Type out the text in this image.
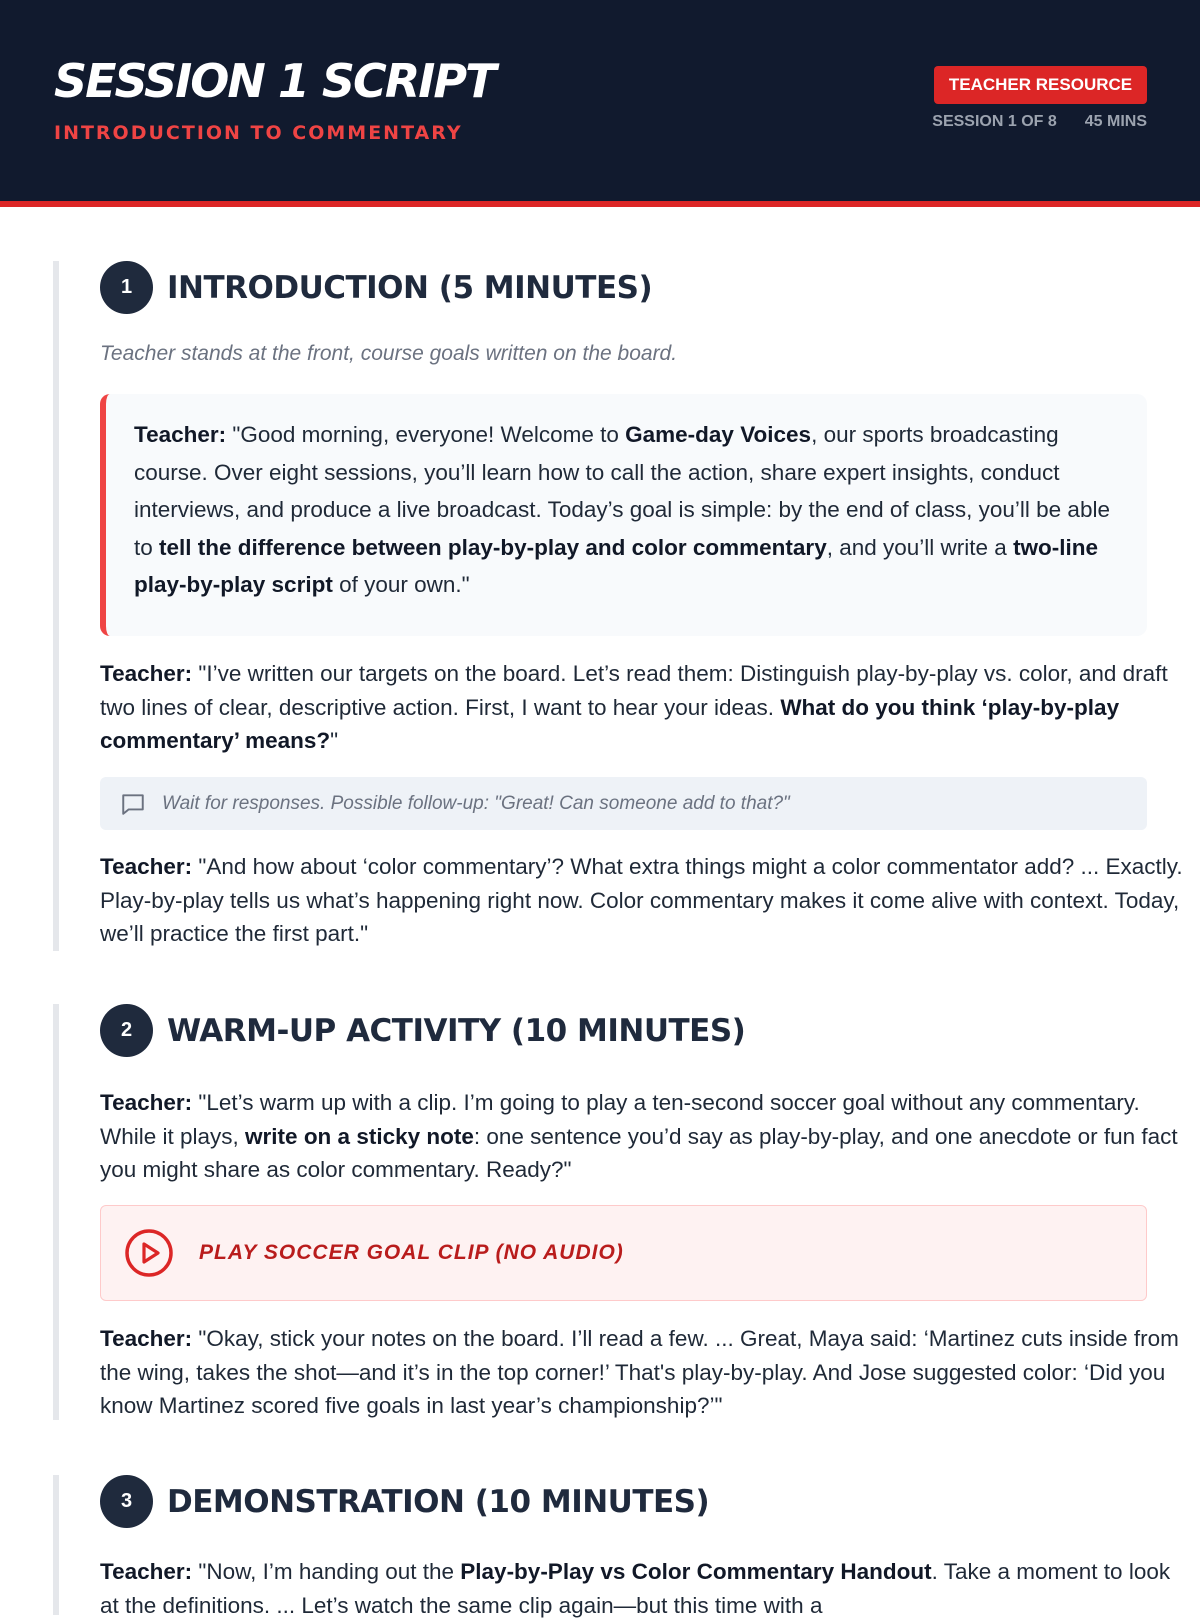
SESSION 1 SCRIPT
INTRODUCTION TO COMMENTARY
TEACHER RESOURCE
SESSION 1 OF 8 45 MINS
1	INTRODUCTION (5 MINUTES)
Teacher stands at the front, course goals written on the board.
Teacher: "Good morning, everyone! Welcome to Game-day Voices, our sports broadcasting course. Over eight sessions, you’ll learn how to call the action, share expert insights, conduct interviews, and produce a live broadcast. Today’s goal is simple: by the end of class, you’ll be able to tell the difference between play-by-play and color commentary, and you’ll write a two-line play-by-play script of your own."
Teacher: "I’ve written our targets on the board. Let’s read them: Distinguish play-by-play vs. color, and draft two lines of clear, descriptive action. First, I want to hear your ideas. What do you think ‘play-by-play commentary’ means?"
Wait for responses. Possible follow-up: "Great! Can someone add to that?"
Teacher: "And how about ‘color commentary’? What extra things might a color commentator add? ... Exactly. Play-by-play tells us what’s happening right now. Color commentary makes it come alive with context. Today, we’ll practice the first part."
2	WARM-UP ACTIVITY (10 MINUTES)
Teacher: "Let’s warm up with a clip. I’m going to play a ten-second soccer goal without any commentary. While it plays, write on a sticky note: one sentence you’d say as play-by-play, and one anecdote or fun fact you might share as color commentary. Ready?"
PLAY SOCCER GOAL CLIP (NO AUDIO)
Teacher: "Okay, stick your notes on the board. I’ll read a few. ... Great, Maya said: ‘Martinez cuts inside from the wing, takes the shot—and it’s in the top corner!’ That's play-by-play. And Jose suggested color: ‘Did you know Martinez scored five goals in last year’s championship?’"
3	DEMONSTRATION (10 MINUTES)
Teacher: "Now, I’m handing out the Play-by-Play vs Color Commentary Handout. Take a moment to look at the definitions. ... Let’s watch the same clip again—but this time with a
